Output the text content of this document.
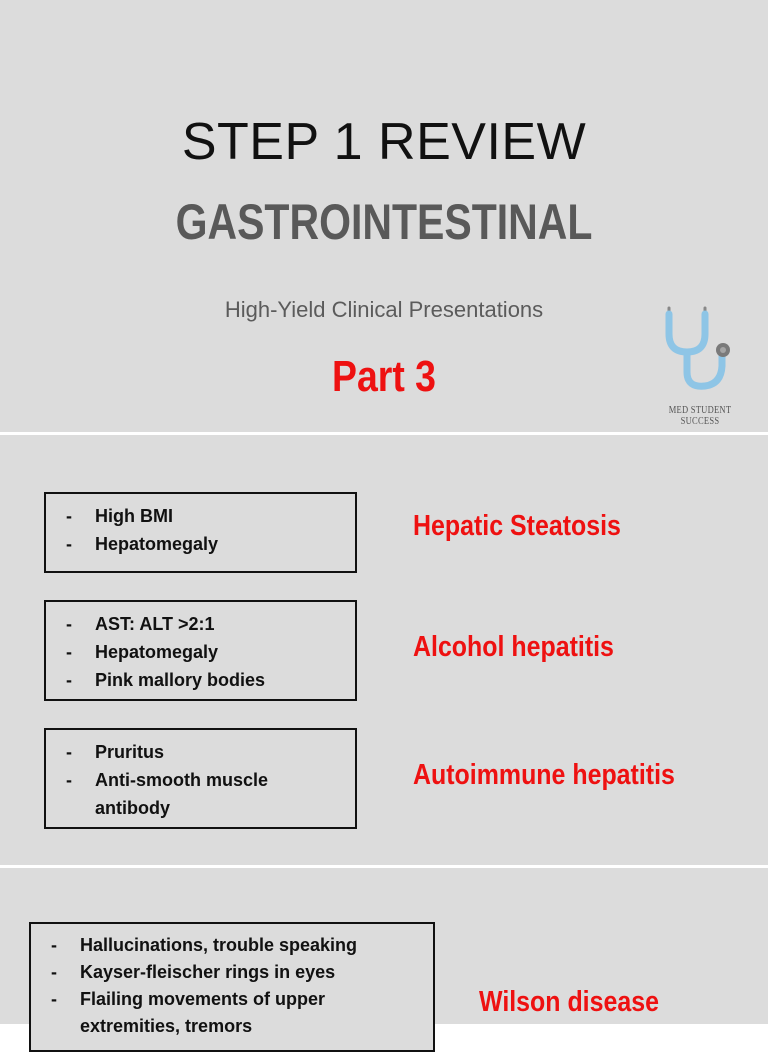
STEP 1 REVIEW
GASTROINTESTINAL
High-Yield Clinical Presentations
Part 3
MED STUDENT SUCCESS
- High BMI
- Hepatomegaly
Hepatic Steatosis
- AST: ALT >2:1
- Hepatomegaly
- Pink mallory bodies
Alcohol hepatitis
- Pruritus
- Anti-smooth muscle antibody
Autoimmune hepatitis
- Hallucinations, trouble speaking
- Kayser-fleischer rings in eyes
- Flailing movements of upper extremities, tremors
Wilson disease
